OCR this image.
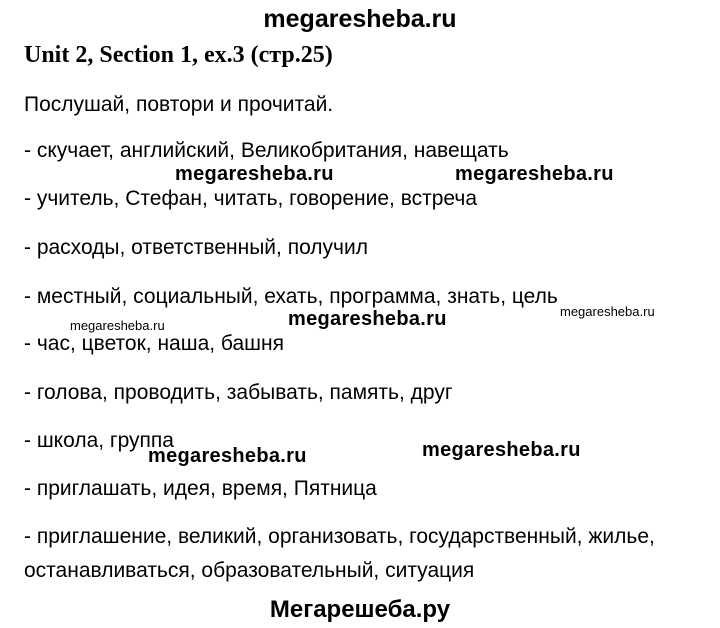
megaresheba.ru
Unit 2, Section 1, ex.3 (стр.25)
Послушай, повтори и прочитай.
- скучает, английский, Великобритания, навещать
- учитель, Стефан, читать, говорение, встреча
- расходы, ответственный, получил
- местный, социальный, ехать, программа, знать, цель
- час, цветок, наша, башня
- голова, проводить, забывать, память, друг
- школа, группа
- приглашать, идея, время, Пятница
- приглашение, великий, организовать, государственный, жилье,
останавливаться, образовательный, ситуация
megaresheba.ru	megaresheba.ru
megaresheba.ru	megaresheba.ru	megaresheba.ru
megaresheba.ru	megaresheba.ru
Мегарешеба.ру
